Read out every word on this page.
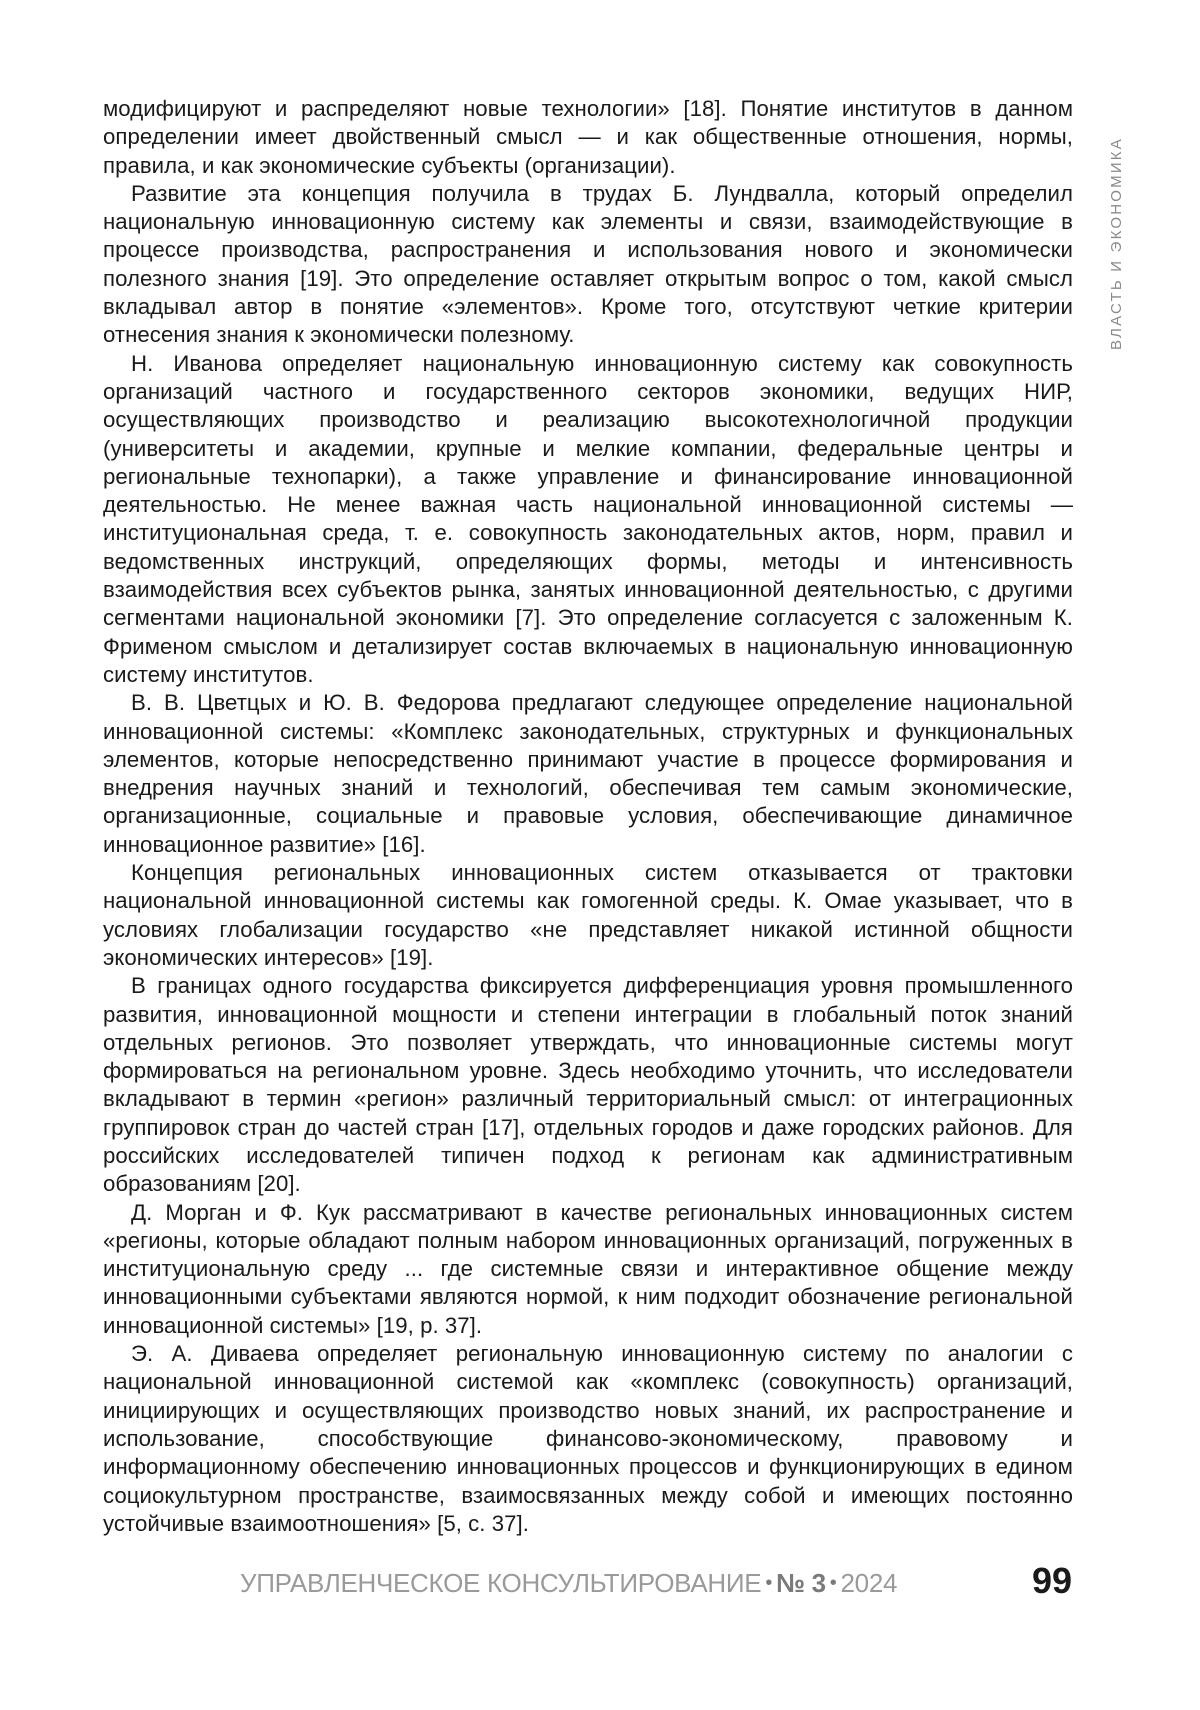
ВЛАСТЬ И ЭКОНОМИКА

модифицируют и распределяют новые технологии» [18]. Понятие институтов в данном определении имеет двойственный смысл — и как общественные отношения, нормы, правила, и как экономические субъекты (организации).

Развитие эта концепция получила в трудах Б. Лундвалла, который определил национальную инновационную систему как элементы и связи, взаимодействующие в процессе производства, распространения и использования нового и экономически полезного знания [19]. Это определение оставляет открытым вопрос о том, какой смысл вкладывал автор в понятие «элементов». Кроме того, отсутствуют четкие критерии отнесения знания к экономически полезному.

Н. Иванова определяет национальную инновационную систему как совокупность организаций частного и государственного секторов экономики, ведущих НИР, осуществляющих производство и реализацию высокотехнологичной продукции (университеты и академии, крупные и мелкие компании, федеральные центры и региональные технопарки), а также управление и финансирование инновационной деятельностью. Не менее важная часть национальной инновационной системы — институциональная среда, т. е. совокупность законодательных актов, норм, правил и ведомственных инструкций, определяющих формы, методы и интенсивность взаимодействия всех субъектов рынка, занятых инновационной деятельностью, с другими сегментами национальной экономики [7]. Это определение согласуется с заложенным К. Фрименом смыслом и детализирует состав включаемых в национальную инновационную систему институтов.

В. В. Цветцых и Ю. В. Федорова предлагают следующее определение национальной инновационной системы: «Комплекс законодательных, структурных и функциональных элементов, которые непосредственно принимают участие в процессе формирования и внедрения научных знаний и технологий, обеспечивая тем самым экономические, организационные, социальные и правовые условия, обеспечивающие динамичное инновационное развитие» [16].

Концепция региональных инновационных систем отказывается от трактовки национальной инновационной системы как гомогенной среды. К. Омае указывает, что в условиях глобализации государство «не представляет никакой истинной общности экономических интересов» [19].

В границах одного государства фиксируется дифференциация уровня промышленного развития, инновационной мощности и степени интеграции в глобальный поток знаний отдельных регионов. Это позволяет утверждать, что инновационные системы могут формироваться на региональном уровне. Здесь необходимо уточнить, что исследователи вкладывают в термин «регион» различный территориальный смысл: от интеграционных группировок стран до частей стран [17], отдельных городов и даже городских районов. Для российских исследователей типичен подход к регионам как административным образованиям [20].

Д. Морган и Ф. Кук рассматривают в качестве региональных инновационных систем «регионы, которые обладают полным набором инновационных организаций, погруженных в институциональную среду ... где системные связи и интерактивное общение между инновационными субъектами являются нормой, к ним подходит обозначение региональной инновационной системы» [19, p. 37].

Э. А. Диваева определяет региональную инновационную систему по аналогии с национальной инновационной системой как «комплекс (совокупность) организаций, инициирующих и осуществляющих производство новых знаний, их распространение и использование, способствующие финансово-экономическому, правовому и информационному обеспечению инновационных процессов и функционирующих в едином социокультурном пространстве, взаимосвязанных между собой и имеющих постоянно устойчивые взаимоотношения» [5, с. 37].

УПРАВЛЕНЧЕСКОЕ КОНСУЛЬТИРОВАНИЕ • № 3 • 2024	99
